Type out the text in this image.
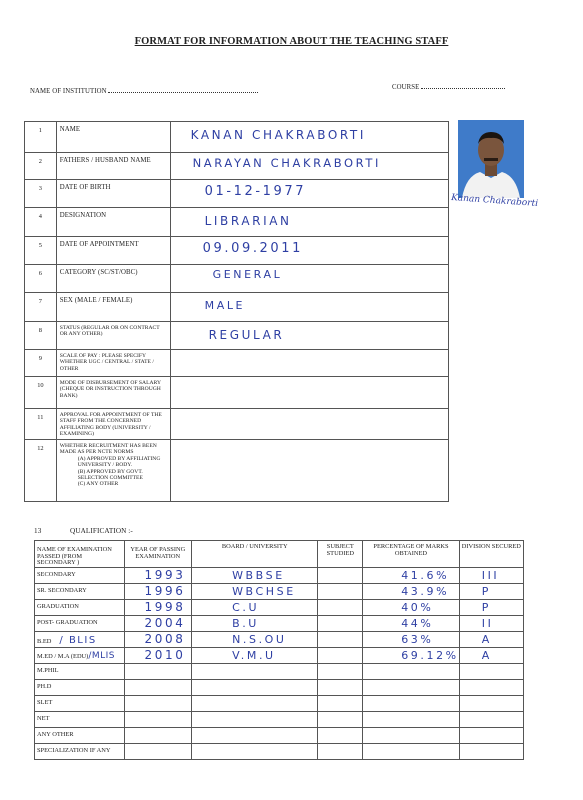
FORMAT FOR INFORMATION ABOUT THE TEACHING STAFF
NAME OF INSTITUTION
COURSE
1	NAME	KANAN CHAKRABORTI

2	FATHERS / HUSBAND NAME	NARAYAN CHAKRABORTI

3	DATE OF BIRTH	01-12-1977

4	DESIGNATION	LIBRARIAN

5	DATE OF APPOINTMENT	09.09.2011

6	CATEGORY (SC/ST/OBC)	GENERAL

7	SEX (MALE / FEMALE)	MALE

8	STATUS (REGULAR OR ON CONTRACT OR ANY OTHER)	REGULAR

9	SCALE OF PAY : PLEASE SPECIFY WHETHER UGC / CENTRAL / STATE / OTHER	
10	MODE OF DISBURSEMENT OF SALARY (CHEQUE OR INSTRUCTION THROUGH BANK)	
11	APPROVAL FOR APPOINTMENT OF THE STAFF FROM THE CONCERNED AFFILIATING BODY (UNIVERSITY / EXAMINING)	
12	WHETHER RECRUITMENT HAS BEEN MADE AS PER NCTE NORMS
(A) APPROVED BY AFFILIATING UNIVERSITY / BODY.
(B) APPROVED BY GOVT. SELECTION COMMITTEE
(C) ANY OTHER	

Kanan Chakraborti
13	QUALIFICATION :-
NAME OF EXAMINATION PASSED (FROM SECONDARY )	YEAR OF PASSING EXAMINATION	BOARD / UNIVERSITY	SUBJECT STUDIED	PERCENTAGE OF MARKS OBTAINED	DIVISION SECURED
SECONDARY	1993	WBBSE		41.6%	III

SR. SECONDARY	1996	WBCHSE		43.9%	P

GRADUATION	1998	C.U		40%	P

POST- GRADUATION	2004	B.U		44%	II

B.ED / BLIS	2008	N.S.OU		63%	A

M.ED / M.A (EDU)/MLIS	2010	V.M.U		69.12%	A

M.PHIL	

PH.D	

SLET	

NET	

ANY OTHER	

SPECIALIZATION IF ANY	
